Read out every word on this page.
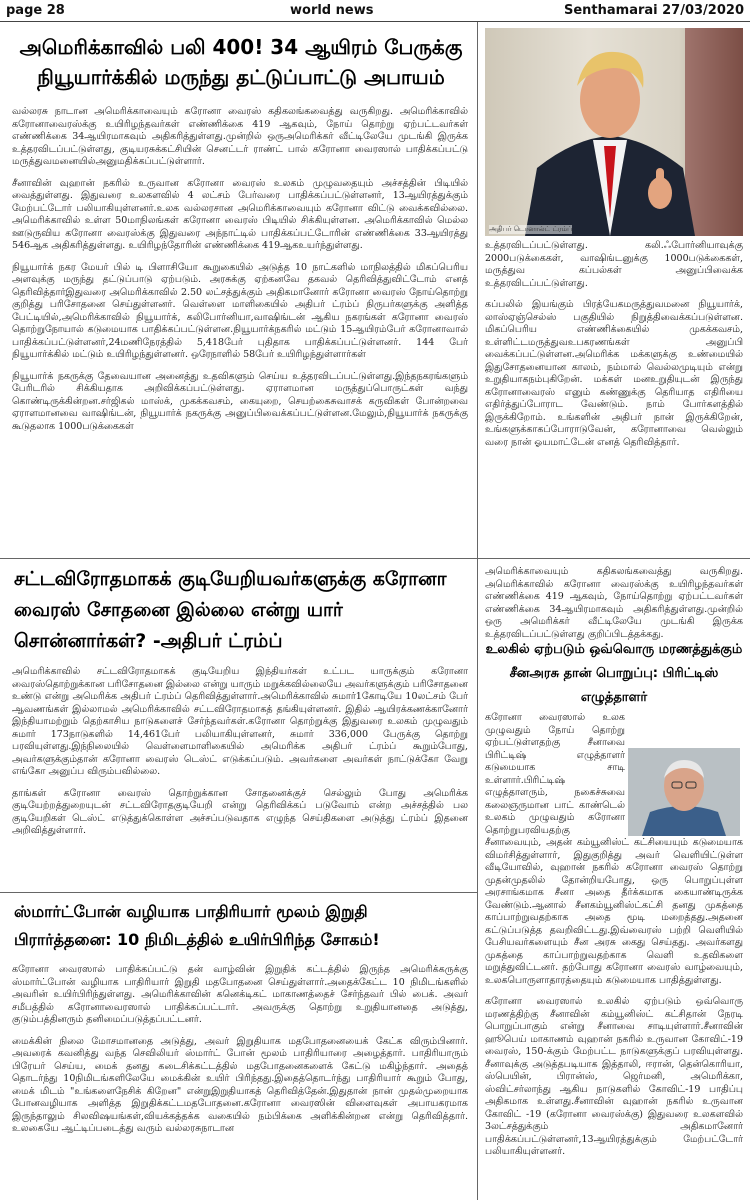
page 28	world news	Senthamarai 27/03/2020
அமெரிக்காவில் பலி 400! 34 ஆயிரம் பேருக்கு நியூயார்க்கில் மருந்து தட்டுப்பாட்டு அபாயம்

வல்லரசு நாடான அமெரிக்காவையும் கரோனா வைரஸ் கதிகலங்கவைத்து வருகிறது. அமெரிக்காவில் கரோனாவைரஸ்க்கு உயிரிழந்தவர்கள் எண்ணிக்கை 419 ஆகவும், நோய் தொற்று ஏற்பட்டவர்கள் எண்ணிக்கை 34ஆயிரமாகவும் அதிகரித்துள்ளது.முன்றில் ஒருஅமெரிக்கர் வீட்டிலேயே முடங்கி இருக்க உத்தரவிடப்பட்டுள்ளது, குடியரசுக்கட்சியின் செனட்டர் ராண்ட் பால் கரோனா வைரஸால் பாதிக்கப்பட்டு மருத்துவமனையில்அனுமதிக்கப்பட்டுள்ளார்.

சீனாவின் வுஹான் நகரில் உருவான கரோனா வைரஸ் உலகம் முழுவதையும் அச்சத்தின் பிடியில் வைத்துள்ளது. இதுவரை உலகளவில் 4 லட்சம் பேர்வரை பாதிக்கப்பட்டுள்ளனர், 13ஆயிரத்துக்கும் மேற்பட்டோர் பலியாகியுள்ளனர்.உலக வல்லரசான அமெரிக்காவையும் கரோனா விட்டு வைக்கவில்லை. அமெரிக்காவில் உள்ள 50மாநிலங்கள் கரோனா வைரஸ் பிடியில் சிக்கியுள்ளன. அமெரிக்காவில் மெல்ல ஊடுருவிய கரோனா வைரஸ்க்கு இதுவரை அந்நாட்டில் பாதிக்கப்பட்டோரின் எண்ணிக்கை 33ஆயிரத்து 546ஆக அதிகரித்துள்ளது. உயிரிழந்தோரின் எண்ணிக்கை 419ஆகஉயர்ந்துள்ளது.

நியூயார்க் நகர மேயர் பில் டி பிளாசியோ கூறுகையில் அடுத்த 10 நாட்களில் மாநிலத்தில் மிகப்பெரிய அளவுக்கு மருந்து தட்டுப்பாடு ஏற்படும். அரசுக்கு ஏற்கனவே தகவல் தெரிவித்துவிட்டோம் எனத் தெரிவித்தார்இதுவரை அமெரிக்காவில் 2.50 லட்சத்துக்கும் அதிகமானோர் கரோனா வைரஸ் நோய்தொற்று குறித்து பரிசோதனை செய்துள்ளனர். வெள்ளை மாளிகையில் அதிபர் ட்ரம்ப் நிருபர்களுக்கு அளித்த பேட்டியில்,அமெரிக்காவில் நியூயார்க், கலிபோர்னியா,வாஷிங்டன் ஆகிய நகரங்கள் கரோனா வைரஸ் தொற்றுநோயால் கடுமையாக பாதிக்கப்பட்டுள்ளன.நியூயார்க்நகரில் மட்டும் 15ஆயிரம்பேர் கரோனாவால் பாதிக்கப்பட்டுள்ளனர்,24மணிநேரத்தில் 5,418பேர் புதிதாக பாதிக்கப்பட்டுள்ளனர். 144 பேர் நியூயார்க்கில் மட்டும் உயிரிழந்துள்ளனர். ஒரேநாளில் 58பேர் உயிரிழந்துள்ளார்கள்

நியூயார்க் நகருக்கு தேவையான அனைத்து உதவிகளும் செய்ய உத்தரவிடப்பட்டுள்ளது.இந்தநகரங்களும் பேரிடரில் சிக்கியதாக அறிவிக்கப்பட்டுள்ளது. ஏராளமான மருத்துப்பொருட்கள் வந்து கொண்டிருக்கின்றன.சர்ஜிகல் மாஸ்க், முகக்கவசம், கையுறை, செயற்கைசுவாசக் கருவிகள் போன்றவை ஏராளமானவை வாஷிங்டன், நியூயார்க் நகருக்கு அனுப்பிவைக்கப்பட்டுள்ளன.மேலும்,நியூயார்க் நகருக்கு கூடுதலாக 1000படுக்கைகள்

அதிபர் டொனால்ட் ட்ரம்ப்

உத்தரவிடப்பட்டுள்ளது. கலி.ஃபோர்னியாவுக்கு 2000படுக்கைகள், வாஷிங்டனுக்கு 1000படுக்கைகள், மருத்துவ கப்பல்கள் அனுப்பிவைக்க உத்தரவிடப்பட்டுள்ளது.

கப்பலில் இயங்கும் பிரத்யேகமருத்துவமனை நியூயார்க், லாஸ்ஏஞ்செல்ஸ் பகுதியில் நிறுத்திவைக்கப்படுள்ளன. மிகப்பெரிய எண்ணிக்கையில் முகக்கவசம், உள்ளிட்டமருத்துவஉபகரணங்கள் அனுப்பி வைக்கப்பட்டுள்ளன.அமெரிக்க மக்களுக்கு உண்மையில் இதுசோதனையான காலம், நம்மால் வெல்லமுடியும் என்று உறுதியாகநம்புகிறேன். மக்கள் மனஉறுதியுடன் இருந்து கரோனாவைரஸ் எனும் கண்ணுக்கு தெரியாத எதிரியை எதிர்த்துப்போராட வேண்டும். நாம் போர்களத்தில் இருக்கிறோம். உங்களின் அதிபர் நான் இருக்கிறேன், உங்களுக்காகப்போராடுவேன், கரோனாவை வெல்லும் வரை நான் ஓயமாட்டேன் எனத் தெரிவித்தார்.

சட்டவிரோதமாகக் குடியேறியவர்களுக்கு கரோனா வைரஸ் சோதனை இல்லை என்று யார் சொன்னார்கள்? -அதிபர் ட்ரம்ப்

அமெரிக்காவில் சட்டவிரோதமாகக் குடியேறிய இந்தியர்கள் உட்பட யாருக்கும் கரோனா வைரஸ்தொற்றுக்கான பரிசோதனை இல்லை என்று யாரும் மறுக்கவில்லையே அவர்களுக்கும் பரிசோதனை உண்டு என்று அமெரிக்க அதிபர் ட்ரம்ப் தெரிவித்துள்ளார்.அமெரிக்காவில் சுமார்1கோடியே 10லட்சம் பேர் ஆவணங்கள் இல்லாமல் அமெரிக்காவில் சட்டவிரோதமாகத் தங்கியுள்ளனர். இதில் ஆயிரக்கணக்கானோர் இந்தியாமற்றும் தெற்காசிய நாடுகளைச் சேர்ந்தவர்கள்.கரோனா தொற்றுக்கு இதுவரை உலகம் முழுவதும் சுமார் 173நாடுகளில் 14,461பேர் பலியாகியுள்ளனர், சுமார் 336,000 பேருக்கு தொற்று பரவியுள்ளது.இந்நிலையில் வெள்ளைமாளிகையில் அமெரிக்க அதிபர் ட்ரம்ப் கூறும்போது, அவர்களுக்கும்தான் கரோனா வைரஸ் டெஸ்ட் எடுக்கப்படும். அவர்களை அவர்கள் நாட்டுக்கோ வேறு எங்கோ அனுப்ப விரும்பவில்லை.

தாங்கள் கரோனா வைரஸ் தொற்றுக்கான சோதனைக்குச் செல்லும் போது அமெரிக்க குடியேற்றத்துறையுடன் சட்டவிரோதகுடியேறி என்று தெரிவிக்கப் படுவோம் என்ற அச்சத்தில் பல குடியேறிகள் டெஸ்ட் எடுத்துக்கொள்ள அச்சப்படுவதாக எழுந்த செய்திகளை அடுத்து ட்ரம்ப் இதனை அறிவித்துள்ளார்.

ஸ்மார்ட்போன் வழியாக பாதிரியார் மூலம் இறுதி பிரார்த்தனை: 10 நிமிடத்தில் உயிர்பிரிந்த சோகம்!

கரோனா வைரஸால் பாதிக்கப்பட்டு தன் வாழ்வின் இறுதிக் கட்டத்தில் இருந்த அமெரிக்கருக்கு ஸ்மார்ட்போன் வழியாக பாதிரியார் இறுதி மதபோதனை செய்துள்ளார்.அதைக்கேட்ட 10 நிமிடங்களில் அவரின் உயிர்பிரிந்துள்ளது. அமெரிக்காவின் கனெக்டிகட் மாகாணத்தைச் சேர்ந்தவர் பில் பைக். அவர் சமீபத்தில் கரோனாவைரஸால் பாதிக்கப்பட்டார். அவருக்கு தொற்று உறுதியானதை அடுத்து, குடும்பத்தினரும் தனிமைப்படுத்தப்பட்டனர்.

மைக்கின் நிலை மோசமானதை அடுத்து, அவர் இறுதியாக மதபோதனையைக் கேட்க விரும்பினார். அவரைக் கவனித்து வந்த செவிலியர் ஸ்மார்ட் போன் மூலம் பாதிரியாரை அழைத்தார். பாதிரியாரும் பிரேயர் செய்ய, மைக் தனது கடைசிக்கட்டத்தில் மதபோதனைகளைக் கேட்டு மகிழ்ந்தார். அதைத் தொடர்ந்து 10நிமிடங்களிலேயே மைக்கின் உயிர் பிரிந்தது.இதைத்தொடர்ந்து பாதிரியார் கூறும் போது, மைக் மிடம் "உங்களைநேசிக் கிறேன" என்றுஇறுதியாகத் தெரிவித்தேன்.இதுதான் நான் முதல்முறையாக போனவழியாக அளித்த இறுதிக்கட்டமதபோதனை.கரோனா வைரஸின் விளைவுகள் அபாயகரமாக இருந்தாலும் சிலவிஷயங்கள்,வியக்கத்தக்க வகையில் நம்பிக்கை அளிக்கின்றன என்று தெரிவித்தார். உலகையே ஆட்டிப்படைத்து வரும் வல்லரசுநாடான

அமெரிக்காவையும் கதிகலங்கவைத்து வருகிறது. அமெரிக்காவில் கரோனா வைரஸ்க்கு உயிரிழந்தவர்கள் எண்ணிக்கை 419 ஆகவும், நோய்தொற்று ஏற்பட்டவர்கள் எண்ணிக்கை 34ஆயிரமாகவும் அதிகரித்துள்ளது.முன்றில் ஒரு அமெரிக்கர் வீட்டிலேயே முடங்கி இருக்க உத்தரவிடப்பட்டுள்ளது குறிப்பிடத்தக்கது.

உலகில் ஏற்படும் ஒவ்வொரு மரணத்துக்கும் சீனஅரசு தான் பொறுப்பு: பிரிட்டிஸ் எழுத்தாளர்

கரோனா வைரஸால் உலக முழுவதும் நோய் தொற்று ஏற்பட்டுள்ளதற்கு சீனாவை பிரிட்டிஷ் எழுத்தாளர் கடுமையாக சாடி உள்ளார்.பிரிட்டிஷ் எழுத்தாளரும், நகைச்சுவை கலைஞருமான பாட் காண்டெல் உலகம் முழுவதும் கரோனா தொற்றுபரவியதற்கு சீனாவையும், அதன் கம்யூனிஸ்ட் கட்சியையும் கடுமையாக விமர்சித்துள்ளார், இதுகுறித்து அவர் வெளியிட்டுள்ள வீடியோவில், வுஹான் நகரில் கரோனா வைரஸ் தொற்று முதன்முதலில் தோன்றியபோது, ஒரு பொறுப்புள்ள அரசாங்கமாக சீனா அதை தீர்க்கமாக கையாண்டிருக்க வேண்டும்.ஆனால் சீனகம்யூனிஸ்ட்கட்சி தனது முகத்தை காப்பாற்றுவதற்காக அதை மூடி மறைத்தது.அதனை கட்டுப்படுத்த தவறிவிட்டது.இவ்வைரஸ் பற்றி வெளியில் பேசியவர்களையும் சீன அரசு கைது செய்தது. அவர்களது முகத்தை காப்பாற்றுவதற்காக வெளி உதவிகளை மறுத்துவிட்டனர். தற்போது கரோனா வைரஸ் வாழ்வையும், உலகபொருளாதாரத்தையும் கடுமையாக பாதித்துள்ளது.

கரோனா வைரஸால் உலகில் ஏற்படும் ஒவ்வொரு மரணத்திற்கு சீனாவின் கம்யூனிஸ்ட் கட்சிதான் நேரடி பொறுப்பாகும் என்று சீனாவை சாடியுள்ளார்.சீனாவின் ஹூபெய் மாகாணம் வுஹான் நகரில் உருவான கோவிட்-19 வைரஸ், 150-க்கும் மேற்பட்ட நாடுகளுக்குப் பரவியுள்ளது. சீனாவுக்கு அடுத்தபடியாக இத்தாலி, ஈரான், தென்கொரியா, ஸ்பெயின், பிரான்ஸ், ஜெர்மனி, அமெரிக்கா, ஸ்விட்சர்லாந்து ஆகிய நாடுகளில் கோவிட்-19 பாதிப்பு அதிகமாக உள்ளது.சீனாவின் வுஹான் நகரில் உருவான கோவிட் -19 (கரோனா வைரஸ்க்கு) இதுவரை உலகளவில் 3லட்சத்துக்கும் அதிகமானோர் பாதிக்கப்பட்டுள்ளனர்,13ஆயிரத்துக்கும் மேற்பட்டோர் பலியாகியுள்ளனர்.
